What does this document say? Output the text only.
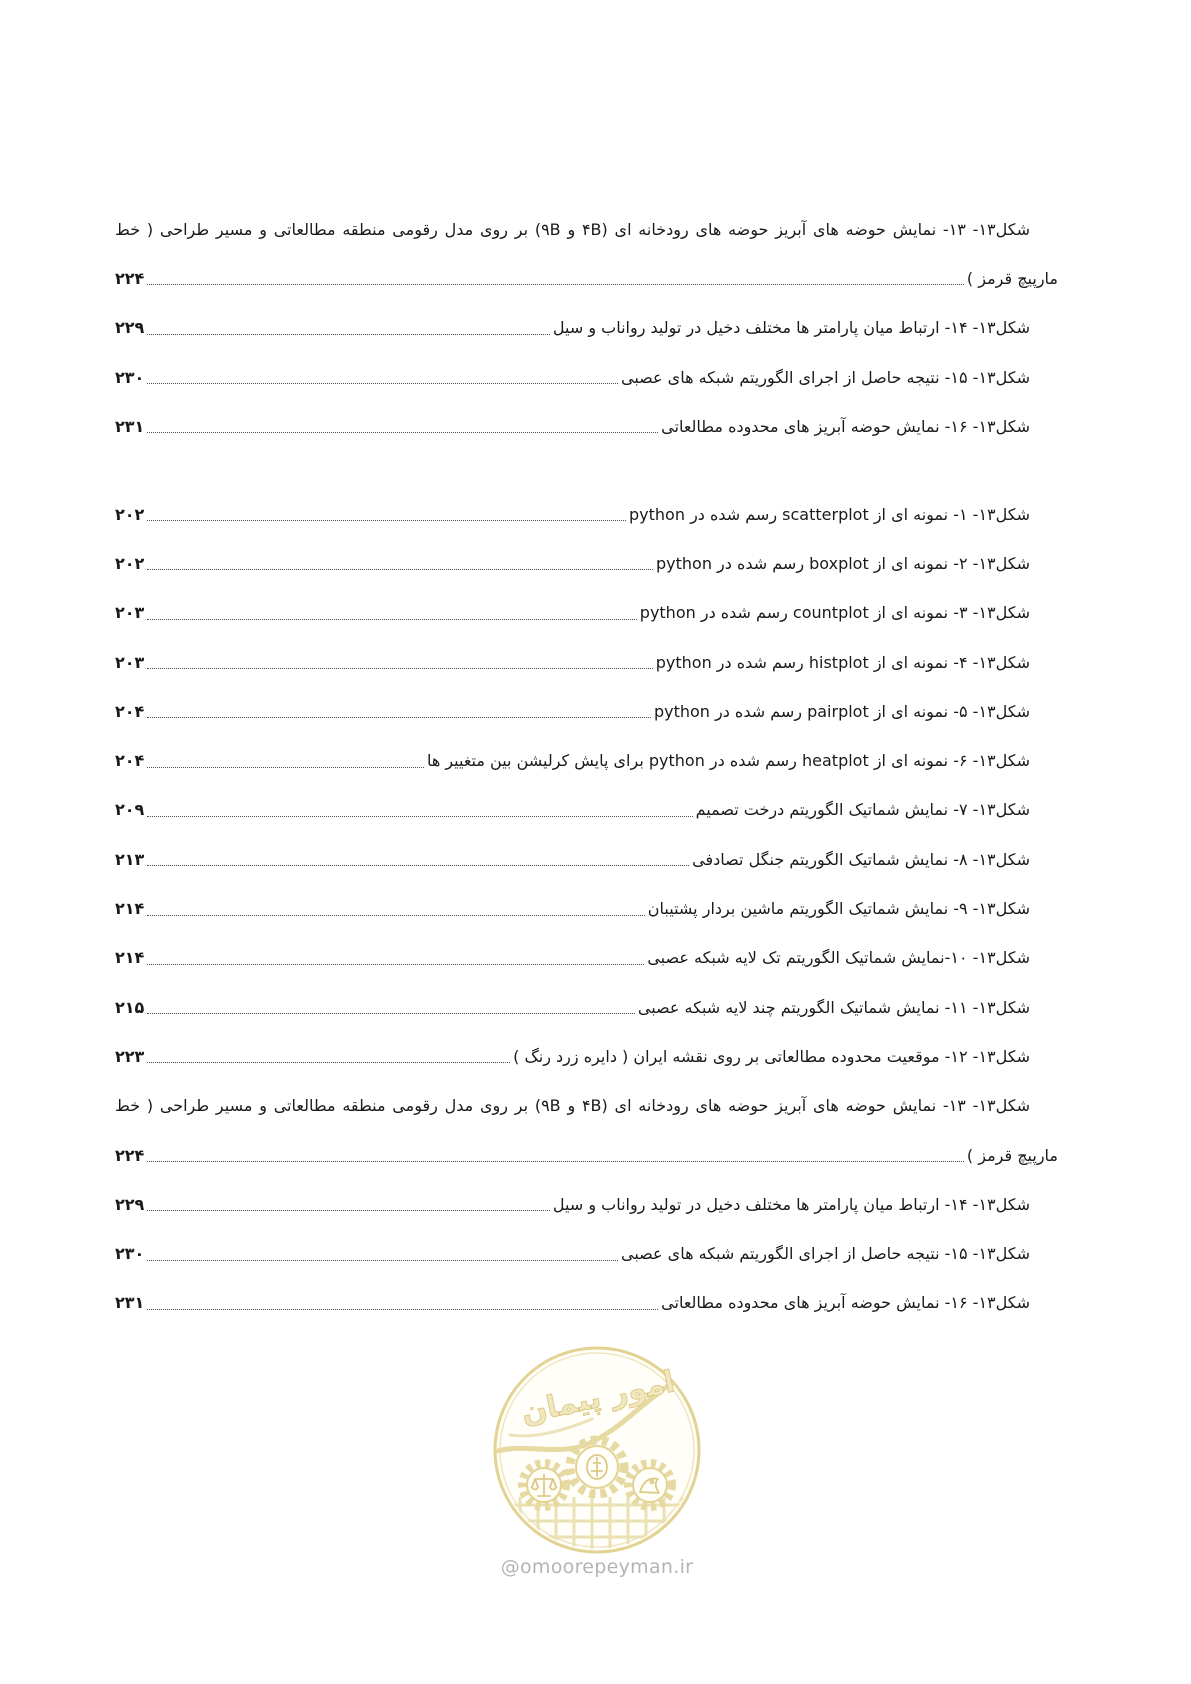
شکل۱۳- ۱۳- نمایش حوضه های آبریز حوضه های رودخانه ای (۴B و ۹B) بر روی مدل رقومی منطقه مطالعاتی و مسیر طراحی ( خط
مارپیچ قرمز )
۲۲۴
شکل۱۳- ۱۴- ارتباط میان پارامتر ها مختلف دخیل در تولید رواناب و سیل
۲۲۹
شکل۱۳- ۱۵- نتیجه حاصل از اجرای الگوریتم شبکه های عصبی
۲۳۰
شکل۱۳- ۱۶- نمایش حوضه آبریز های محدوده مطالعاتی
۲۳۱
شکل۱۳- ۱- نمونه ای از scatterplot رسم شده در python
۲۰۲
شکل۱۳- ۲- نمونه ای از boxplot رسم شده در python
۲۰۲
شکل۱۳- ۳- نمونه ای از countplot رسم شده در python
۲۰۳
شکل۱۳- ۴- نمونه ای از histplot رسم شده در python
۲۰۳
شکل۱۳- ۵- نمونه ای از pairplot رسم شده در python
۲۰۴
شکل۱۳- ۶- نمونه ای از heatplot رسم شده در python برای پایش کرلیشن بین متغییر ها
۲۰۴
شکل۱۳- ۷- نمایش شماتیک الگوریتم درخت تصمیم
۲۰۹
شکل۱۳- ۸- نمایش شماتیک الگوریتم جنگل تصادفی
۲۱۳
شکل۱۳- ۹- نمایش شماتیک الگوریتم ماشین بردار پشتیبان
۲۱۴
شکل۱۳- ۱۰-نمایش شماتیک الگوریتم تک لایه شبکه عصبی
۲۱۴
شکل۱۳- ۱۱- نمایش شماتیک الگوریتم چند لایه شبکه عصبی
۲۱۵
شکل۱۳- ۱۲- موقعیت محدوده مطالعاتی بر روی نقشه ایران ( دایره زرد رنگ )
۲۲۳
شکل۱۳- ۱۳- نمایش حوضه های آبریز حوضه های رودخانه ای (۴B و ۹B) بر روی مدل رقومی منطقه مطالعاتی و مسیر طراحی ( خط
مارپیچ قرمز )
۲۲۴
شکل۱۳- ۱۴- ارتباط میان پارامتر ها مختلف دخیل در تولید رواناب و سیل
۲۲۹
شکل۱۳- ۱۵- نتیجه حاصل از اجرای الگوریتم شبکه های عصبی
۲۳۰
شکل۱۳- ۱۶- نمایش حوضه آبریز های محدوده مطالعاتی
۲۳۱
امور پیمان
@omoorepeyman.ir
